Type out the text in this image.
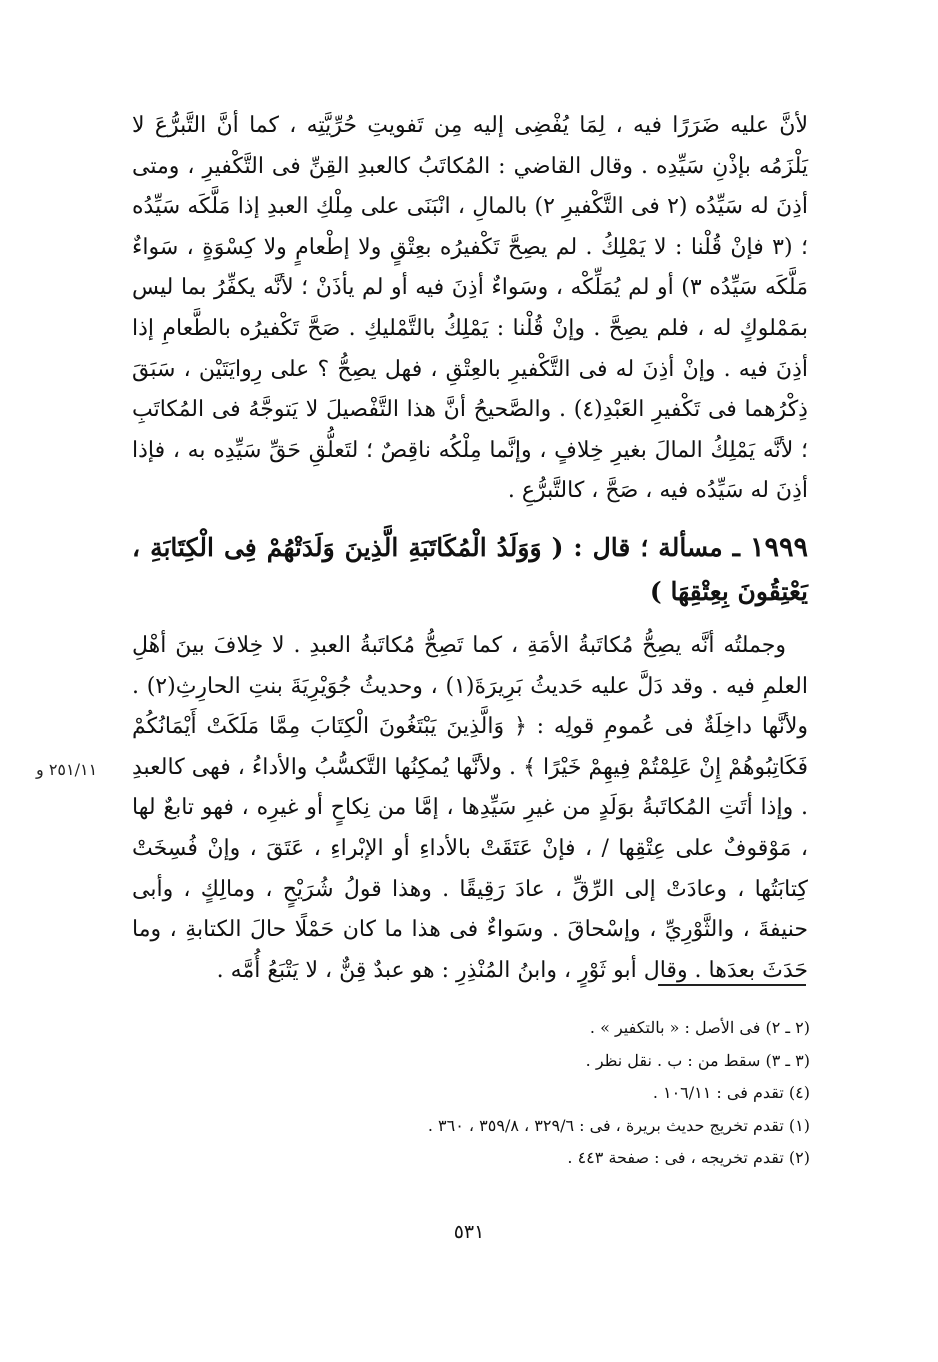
لأنَّ عليه ضَرَرًا فيه ، لِمَا يُفْضِى إليه مِن تَفويتِ حُرِّيَّتِه ، كما أنَّ التَّبرُّعَ لا يَلْزَمُه بإذْنِ سَيِّدِه . وقال القاضي : المُكاتَبُ كالعبدِ القِنِّ فى التَّكْفيرِ ، ومتى أذِنَ له سَيِّدُه (٢ فى التَّكْفيرِ ٢) بالمالِ ، انْبَنَى على مِلْكِ العبدِ إذا مَلَّكَه سَيِّدُه ؛ (٣ فإنْ قُلْنا : لا يَمْلِكُ . لم يصِحَّ تَكْفيرُه بعِتْقٍ ولا إطْعامٍ ولا كِسْوَةٍ ، سَواءٌ مَلَّكَه سَيِّدُه ٣) أو لم يُمَلِّكْه ، وسَواءٌ أذِنَ فيه أو لم يأذَنْ ؛ لأنَّه يكفِّرُ بما ليس بمَمْلوكٍ له ، فلم يصِحَّ . وإنْ قُلْنا : يَمْلِكُ بالتَّمْليكِ . صَحَّ تَكْفيرُه بالطَّعامِ إذا أذِنَ فيه . وإنْ أذِنَ له فى التَّكْفيرِ بالعِتْقِ ، فهل يصِحُّ ؟ على رِوايَتَيْن ، سَبَقَ ذِكْرُهما فى تَكْفيرِ العَبْدِ(٤) . والصَّحيحُ أنَّ هذا التَّفْصيلَ لا يَتوجَّهُ فى المُكاتَبِ ؛ لأنَّه يَمْلِكُ المالَ بغيرِ خِلافٍ ، وإنَّما مِلْكُه ناقِصٌ ؛ لتَعلُّقِ حَقِّ سَيِّدِه به ، فإذا أذِنَ له سَيِّدُه فيه ، صَحَّ ، كالتَّبرُّعِ .

١٩٩٩ ـ مسألة ؛ قال : ( وَوَلَدُ الْمُكَاتَبَةِ الَّذِينَ وَلَدَتْهُمْ فِى الْكِتَابَةِ ، يَعْتِقُونَ بِعِتْقِهَا )

وجملتُه أنَّه يصِحُّ مُكاتَبةُ الأمَةِ ، كما تَصِحُّ مُكاتَبةُ العبدِ . لا خِلافَ بينَ أهْلِ العلمِ فيه . وقد دَلَّ عليه حَديثُ بَرِيرَةَ(١) ، وحديثُ جُوَيْرِيَةَ بنتِ الحارِثِ(٢) . ولأنَّها داخِلَةٌ فى عُمومِ قولِه : ﴿ وَالَّذِينَ يَبْتَغُونَ الْكِتَابَ مِمَّا مَلَكَتْ أَيْمَانُكُمْ فَكَاتِبُوهُمْ إِنْ عَلِمْتُمْ فِيهِمْ خَيْرًا ﴾ . ولأنَّها يُمكِنُها التَّكسُّبُ والأداءُ ، فهى كالعبدِ . وإذا أتَتِ المُكاتَبةُ بوَلَدٍ من غيرِ سَيِّدِها ، إمَّا من نِكاحٍ أو غيرِه ، فهو تابعٌ لها ، مَوْقوفٌ على عِتْقِها / ، فإنْ عَتَقَتْ بالأداءِ أو الإبْراءِ ، عَتَقَ ، وإنْ فُسِخَتْ كِتابَتُها ، وعادَتْ إلى الرِّقِّ ، عادَ رَقِيقًا . وهذا قولُ شُرَيْحٍ ، ومالِكٍ ، وأبى حنيفةَ ، والثَّوْرِيِّ ، وإسْحاقَ . وسَواءٌ فى هذا ما كان حَمْلًا حالَ الكتابةِ ، وما حَدَثَ بعدَها . وقال أبو ثَوْرٍ ، وابنُ المُنْذِرِ : هو عبدٌ قِنٌّ ، لا يَتْبَعُ أُمَّه .

٢٥١/١١ و
(٢ ـ ٢) فى الأصل : « بالتكفير » .
(٣ ـ ٣) سقط من : ب . نقل نظر .
(٤) تقدم فى : ١٠٦/١١ .
(١) تقدم تخريج حديث بريرة ، فى : ٣٢٩/٦ ، ٣٥٩/٨ ، ٣٦٠ .
(٢) تقدم تخريجه ، فى : صفحة ٤٤٣ .
٥٣١
